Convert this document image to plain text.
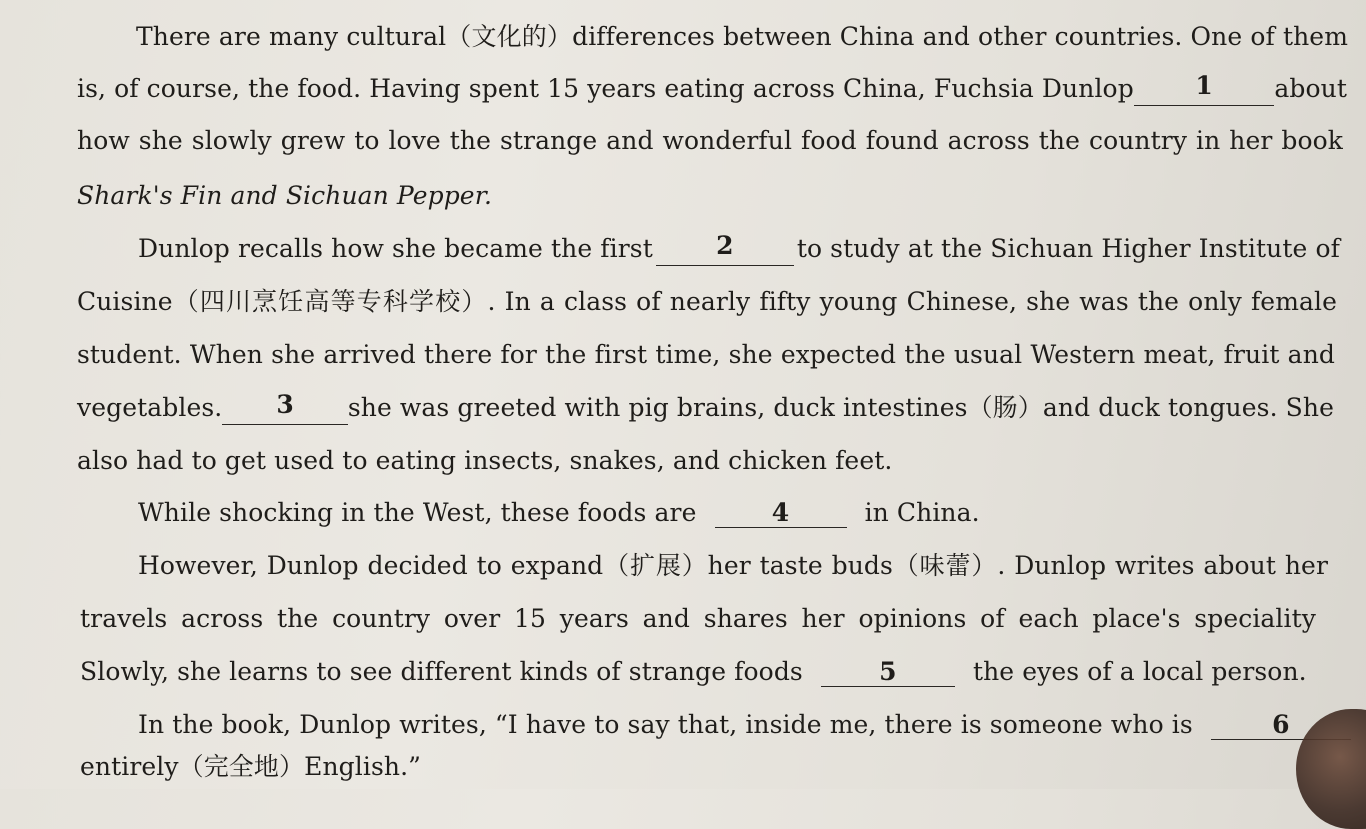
There are many cultural（文化的）differences between China and other countries. One of them
is, of course, the food. Having spent 15 years eating across China, Fuchsia Dunlop	1	about
how she slowly grew to love the strange and wonderful food found across the country in her book
Shark's Fin and Sichuan Pepper.
Dunlop recalls how she became the first	2	to study at the Sichuan Higher Institute of
Cuisine（四川烹饪高等专科学校）. In a class of nearly fifty young Chinese, she was the only female
student. When she arrived there for the first time, she expected the usual Western meat, fruit and
vegetables.	3	she was greeted with pig brains, duck intestines（肠）and duck tongues. She
also had to get used to eating insects, snakes, and chicken feet.
While shocking in the West, these foods are	4	in China.
However, Dunlop decided to expand（扩展）her taste buds（味蕾）. Dunlop writes about her
travels across the country over 15 years and shares her opinions of each place's speciality
Slowly, she learns to see different kinds of strange foods	5	the eyes of a local person.
In the book, Dunlop writes, “I have to say that, inside me, there is someone who is	6
entirely（完全地）English.”
